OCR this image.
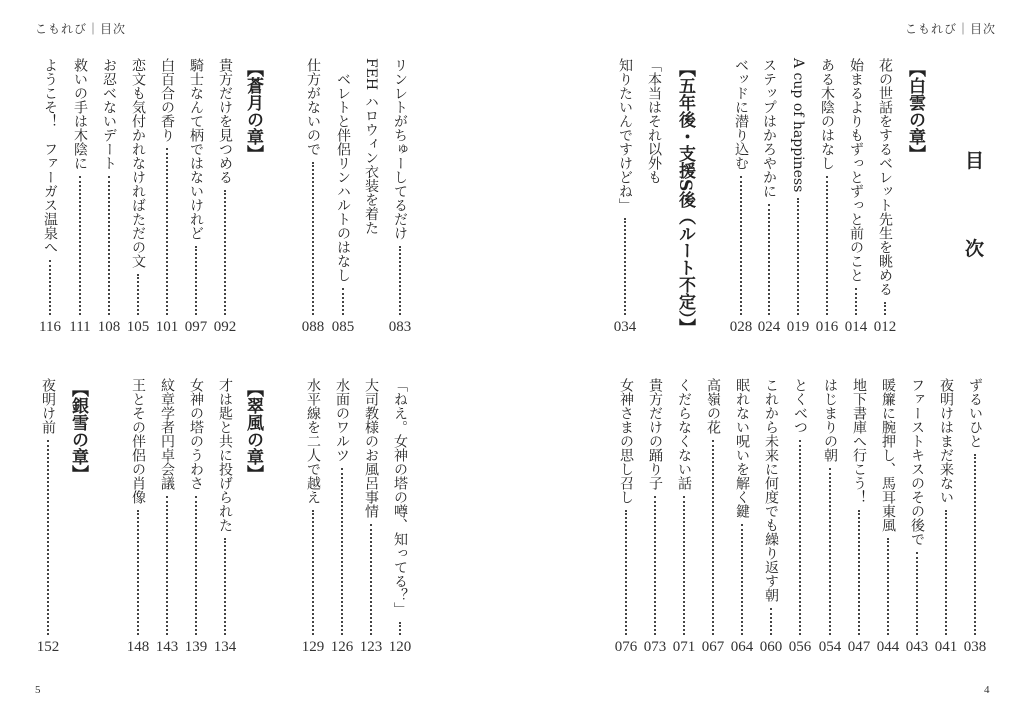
こもれび｜目次	こもれび｜目次
5	4
目
次
【白雲の章】
012
花の世話をするベレット先生を眺める
014
始まるよりもずっとずっと前のこと
016
ある木陰のはなし
019
A cup of happiness
024
ステップはかろやかに
028
ベッドに潜り込む
【五年後・支援S後（ルート不定）】
「本当はそれ以外も
034
知りたいんですけどね」
038
ずるいひと
041
夜明けはまだ来ない
043
ファーストキスのその後で
044
暖簾に腕押し、馬耳東風
047
地下書庫へ行こう！
054
はじまりの朝
056
とくべつ
060
これから未来に何度でも繰り返す朝
064
眠れない呪いを解く鍵
067
高嶺の花
071
くだらなくない話
073
貴方だけの踊り子
076
女神さまの思し召し
083
リンレトがちゅーしてるだけ
FEH ハロウィン衣装を着た
085
　ベレトと伴侶リンハルトのはなし
088
仕方がないので
【蒼月の章】
092
貴方だけを見つめる
097
騎士なんて柄ではないけれど
101
白百合の香り
105
恋文も気付かれなければただの文
108
お忍べないデート
111
救いの手は木陰に
116
ようこそ！　ファーガス温泉へ
120
「ねえ。女神の塔の噂、知ってる？」
123
大司教様のお風呂事情
126
水面のワルツ
129
水平線を二人で越え
【翠風の章】
134
才は匙と共に投げられた
139
女神の塔のうわさ
143
紋章学者円卓会議
148
王とその伴侶の肖像
【銀雪の章】
152
夜明け前
